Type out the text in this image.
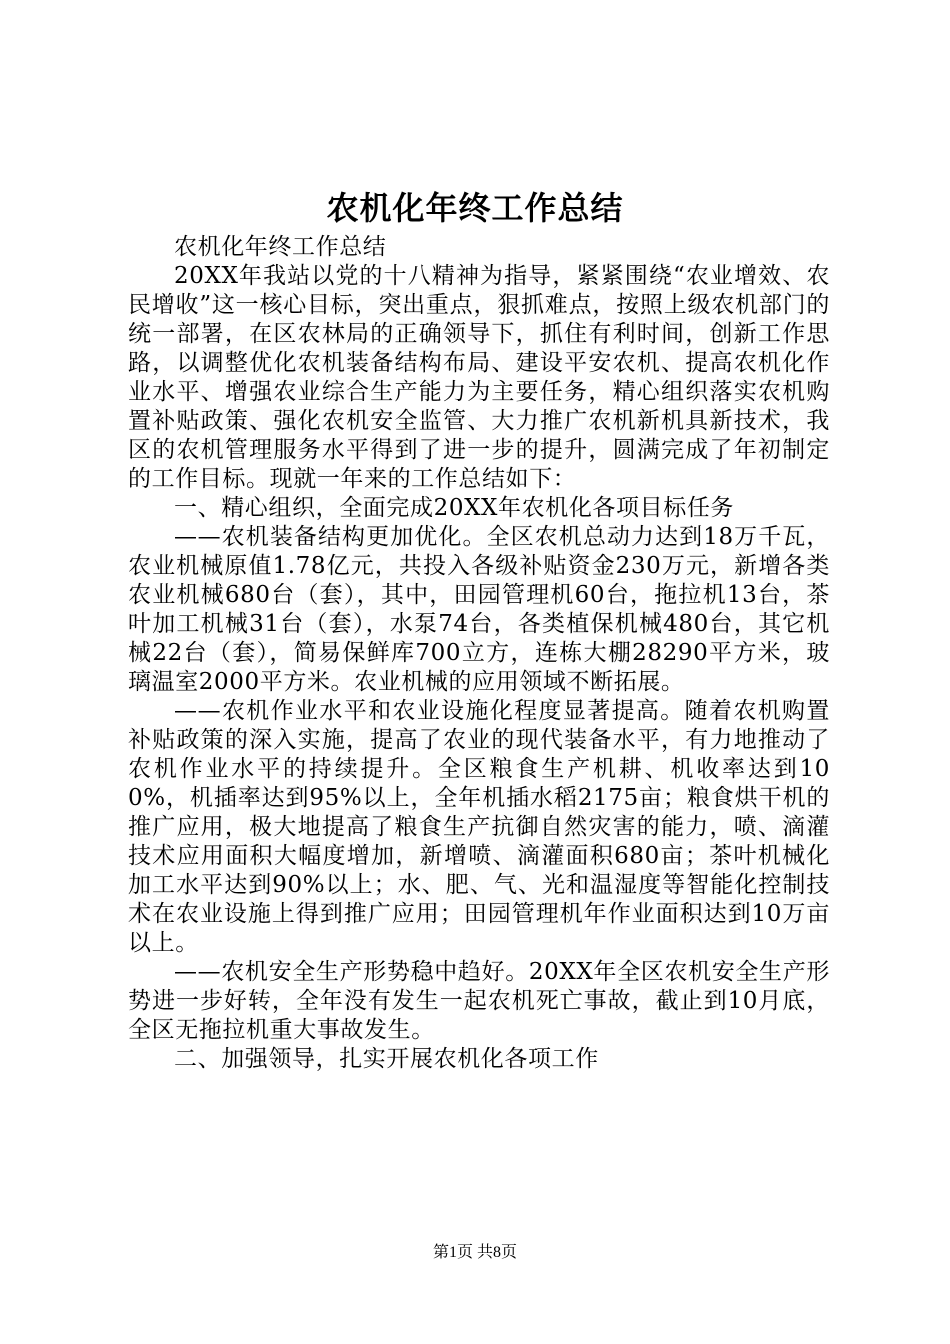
农机化年终工作总结

农机化年终工作总结

20XX年我站以党的十八精神为指导，紧紧围绕“农业增效、农民增收”这一核心目标，突出重点，狠抓难点，按照上级农机部门的统一部署，在区农林局的正确领导下，抓住有利时间，创新工作思路，以调整优化农机装备结构布局、建设平安农机、提高农机化作业水平、增强农业综合生产能力为主要任务，精心组织落实农机购置补贴政策、强化农机安全监管、大力推广农机新机具新技术，我区的农机管理服务水平得到了进一步的提升，圆满完成了年初制定的工作目标。现就一年来的工作总结如下：

一、精心组织，全面完成20XX年农机化各项目标任务

——农机装备结构更加优化。全区农机总动力达到18万千瓦，农业机械原值1.78亿元，共投入各级补贴资金230万元，新增各类农业机械680台（套），其中，田园管理机60台，拖拉机13台，茶叶加工机械31台（套），水泵74台，各类植保机械480台，其它机械22台（套），简易保鲜库700立方，连栋大棚28290平方米，玻璃温室2000平方米。农业机械的应用领域不断拓展。

——农机作业水平和农业设施化程度显著提高。随着农机购置补贴政策的深入实施，提高了农业的现代装备水平，有力地推动了农机作业水平的持续提升。全区粮食生产机耕、机收率达到100%，机插率达到95%以上，全年机插水稻2175亩；粮食烘干机的推广应用，极大地提高了粮食生产抗御自然灾害的能力，喷、滴灌技术应用面积大幅度增加，新增喷、滴灌面积680亩；茶叶机械化加工水平达到90%以上；水、肥、气、光和温湿度等智能化控制技术在农业设施上得到推广应用；田园管理机年作业面积达到10万亩以上。

——农机安全生产形势稳中趋好。20XX年全区农机安全生产形势进一步好转，全年没有发生一起农机死亡事故，截止到10月底，全区无拖拉机重大事故发生。

二、加强领导，扎实开展农机化各项工作

第1页 共8页
